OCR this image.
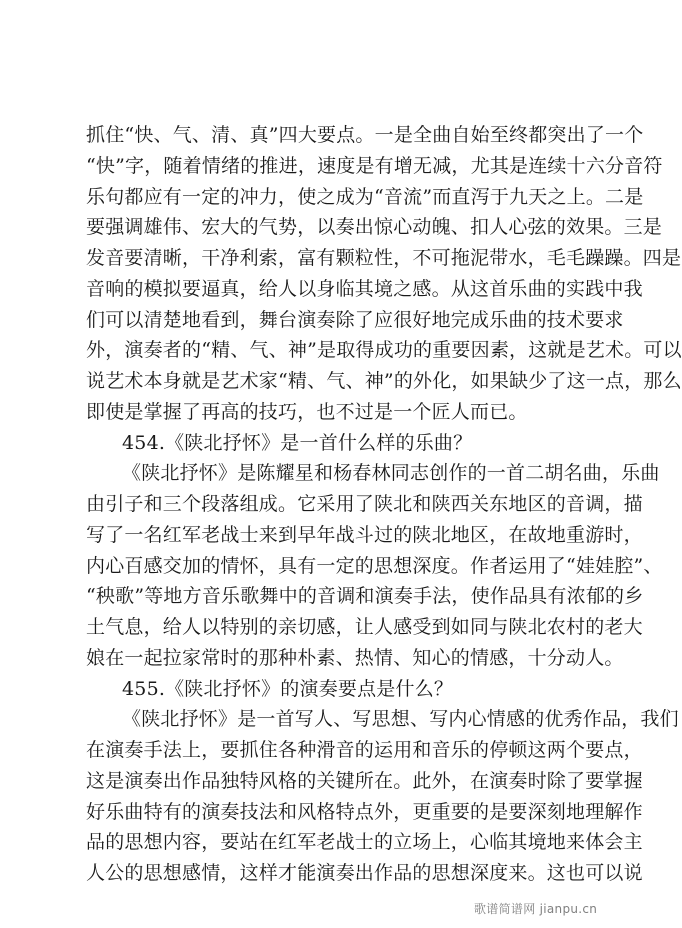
抓住“快、气、清、真”四大要点。一是全曲自始至终都突出了一个
“快”字，随着情绪的推进，速度是有增无减，尤其是连续十六分音符
乐句都应有一定的冲力，使之成为“音流”而直泻于九天之上。二是
要强调雄伟、宏大的气势，以奏出惊心动魄、扣人心弦的效果。三是
发音要清晰，干净利索，富有颗粒性，不可拖泥带水，毛毛躁躁。四是
音响的模拟要逼真，给人以身临其境之感。从这首乐曲的实践中我
们可以清楚地看到，舞台演奏除了应很好地完成乐曲的技术要求
外，演奏者的“精、气、神”是取得成功的重要因素，这就是艺术。可以
说艺术本身就是艺术家“精、气、神”的外化，如果缺少了这一点，那么
即使是掌握了再高的技巧，也不过是一个匠人而已。
454.《陕北抒怀》是一首什么样的乐曲？
《陕北抒怀》是陈耀星和杨春林同志创作的一首二胡名曲，乐曲
由引子和三个段落组成。它采用了陕北和陕西关东地区的音调，描
写了一名红军老战士来到早年战斗过的陕北地区，在故地重游时，
内心百感交加的情怀，具有一定的思想深度。作者运用了“娃娃腔”、
“秧歌”等地方音乐歌舞中的音调和演奏手法，使作品具有浓郁的乡
土气息，给人以特别的亲切感，让人感受到如同与陕北农村的老大
娘在一起拉家常时的那种朴素、热情、知心的情感，十分动人。
455.《陕北抒怀》的演奏要点是什么？
《陕北抒怀》是一首写人、写思想、写内心情感的优秀作品，我们
在演奏手法上，要抓住各种滑音的运用和音乐的停顿这两个要点，
这是演奏出作品独特风格的关键所在。此外，在演奏时除了要掌握
好乐曲特有的演奏技法和风格特点外，更重要的是要深刻地理解作
品的思想内容，要站在红军老战士的立场上，心临其境地来体会主
人公的思想感情，这样才能演奏出作品的思想深度来。这也可以说
歌谱简谱网 jianpu.cn
